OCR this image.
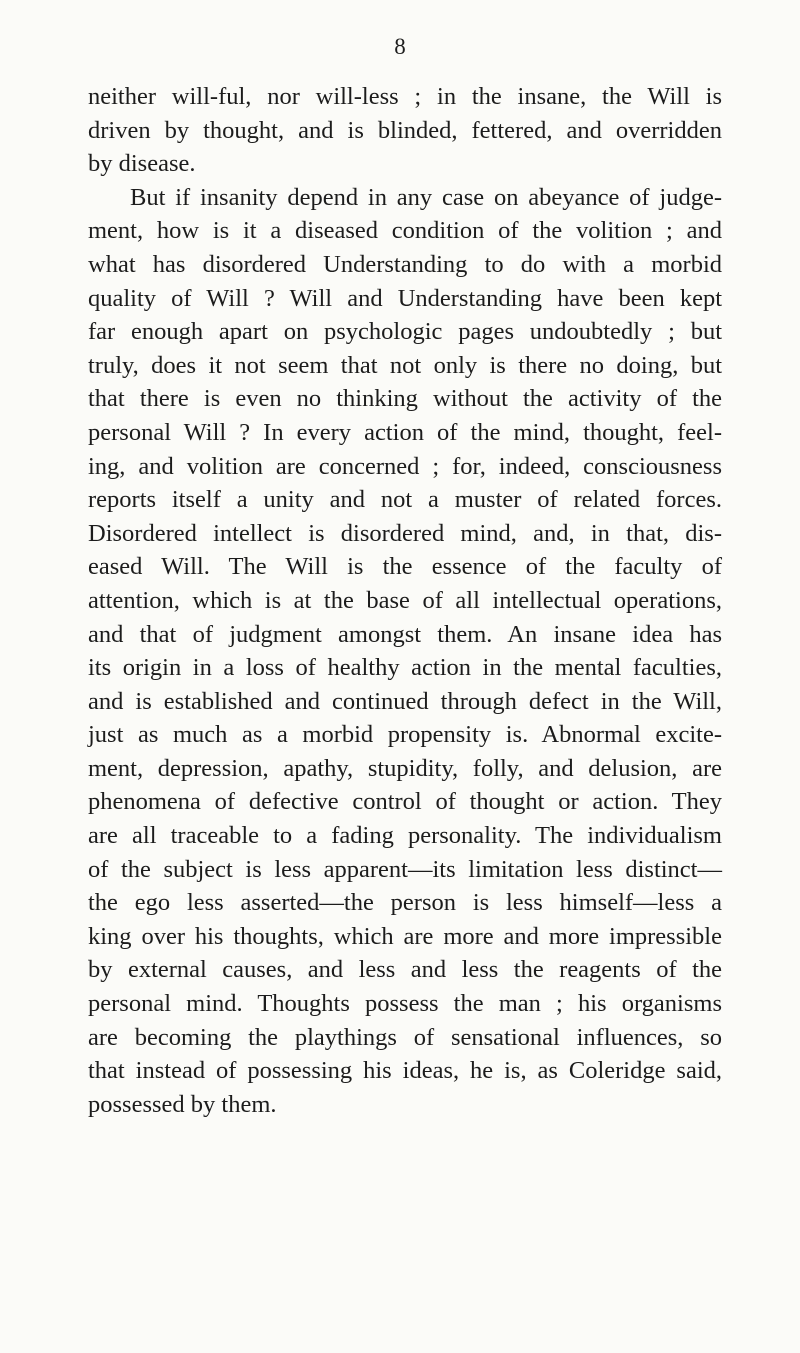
8
neither will-ful, nor will-less ; in the insane, the Will is
driven by thought, and is blinded, fettered, and overridden
by disease.
But if insanity depend in any case on abeyance of judge-
ment, how is it a diseased condition of the volition ; and
what has disordered Understanding to do with a morbid
quality of Will ? Will and Understanding have been kept
far enough apart on psychologic pages undoubtedly ; but
truly, does it not seem that not only is there no doing, but
that there is even no thinking without the activity of the
personal Will ? In every action of the mind, thought, feel-
ing, and volition are concerned ; for, indeed, consciousness
reports itself a unity and not a muster of related forces.
Disordered intellect is disordered mind, and, in that, dis-
eased Will. The Will is the essence of the faculty of
attention, which is at the base of all intellectual operations,
and that of judgment amongst them. An insane idea has
its origin in a loss of healthy action in the mental faculties,
and is established and continued through defect in the Will,
just as much as a morbid propensity is. Abnormal excite-
ment, depression, apathy, stupidity, folly, and delusion, are
phenomena of defective control of thought or action. They
are all traceable to a fading personality. The individualism
of the subject is less apparent—its limitation less distinct—
the ego less asserted—the person is less himself—less a
king over his thoughts, which are more and more impressible
by external causes, and less and less the reagents of the
personal mind. Thoughts possess the man ; his organisms
are becoming the playthings of sensational influences, so
that instead of possessing his ideas, he is, as Coleridge said,
possessed by them.
